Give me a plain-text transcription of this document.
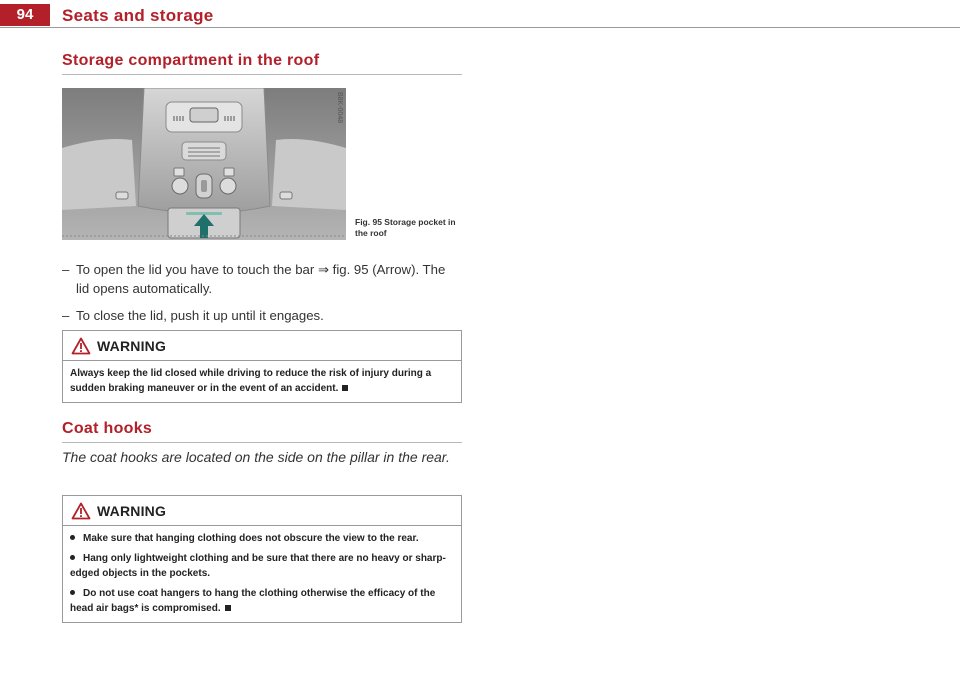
94	Seats and storage
Storage compartment in the roof
B8K-0048
Fig. 95 Storage pocket in the roof
– To open the lid you have to touch the bar ⇒ fig. 95 (Arrow). The lid opens automatically.
– To close the lid, push it up until it engages.
WARNING
Always keep the lid closed while driving to reduce the risk of injury during a sudden braking maneuver or in the event of an accident.
Coat hooks
The coat hooks are located on the side on the pillar in the rear.
WARNING
Make sure that hanging clothing does not obscure the view to the rear.
Hang only lightweight clothing and be sure that there are no heavy or sharp-edged objects in the pockets.
Do not use coat hangers to hang the clothing otherwise the efficacy of the head air bags* is compromised.
